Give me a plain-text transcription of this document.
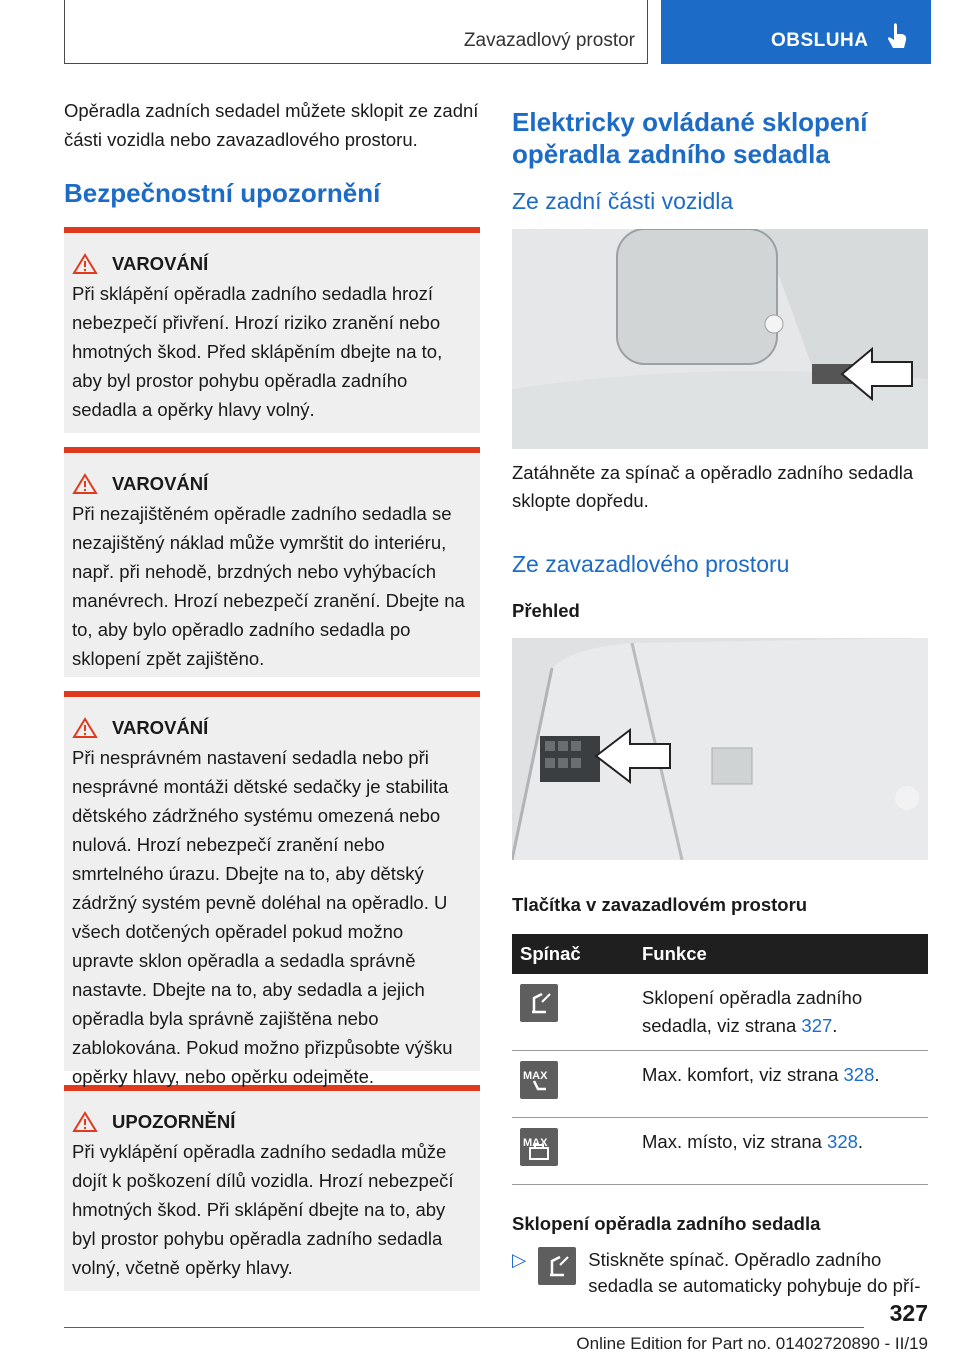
Zavazadlový prostor	OBSLUHA

Opěradla zadních sedadel můžete sklopit ze zadní části vozidla nebo zavazadlového prostoru.

Bezpečnostní upozornění
VAROVÁNÍ

Při sklápění opěradla zadního sedadla hrozí nebezpečí přivření. Hrozí riziko zranění nebo hmotných škod. Před sklápěním dbejte na to, aby byl prostor pohybu opěradla zadního sedadla a opěrky hlavy volný.

VAROVÁNÍ

Při nezajištěném opěradle zadního sedadla se nezajištěný náklad může vymrštit do interiéru, např. při nehodě, brzdných nebo vyhýbacích manévrech. Hrozí nebezpečí zranění. Dbejte na to, aby bylo opěradlo zadního sedadla po sklopení zpět zajištěno.

VAROVÁNÍ

Při nesprávném nastavení sedadla nebo při nesprávné montáži dětské sedačky je stabilita dětského zádržného systému omezená nebo nulová. Hrozí nebezpečí zranění nebo smrtelného úrazu. Dbejte na to, aby dětský zádržný systém pevně doléhal na opěradlo. U všech dotčených opěradel pokud možno upravte sklon opěradla a sedadla správně nastavte. Dbejte na to, aby sedadla a jejich opěradla byla správně zajištěna nebo zablokována. Pokud možno přizpůsobte výšku opěrky hlavy, nebo opěrku odejměte.

UPOZORNĚNÍ

Při vyklápění opěradla zadního sedadla může dojít k poškození dílů vozidla. Hrozí nebezpečí hmotných škod. Při sklápění dbejte na to, aby byl prostor pohybu opěradla zadního sedadla volný, včetně opěrky hlavy.

Elektricky ovládané sklopení opěradla zadního sedadla
Ze zadní části vozidla

Zatáhněte za spínač a opěradlo zadního sedadla sklopte dopředu.

Ze zavazadlového prostoru

Přehled

Tlačítka v zavazadlovém prostoru

Spínač	Funkce
	Sklopení opěradla zadního sedadla, viz strana 327.

MAX	Max. komfort, viz strana 328.

MAX	Max. místo, viz strana 328.

Sklopení opěradla zadního sedadla

▷	Stiskněte spínač. Opěradlo zadního sedadla se automaticky pohybuje do pří-
327
Online Edition for Part no. 01402720890 - II/19
